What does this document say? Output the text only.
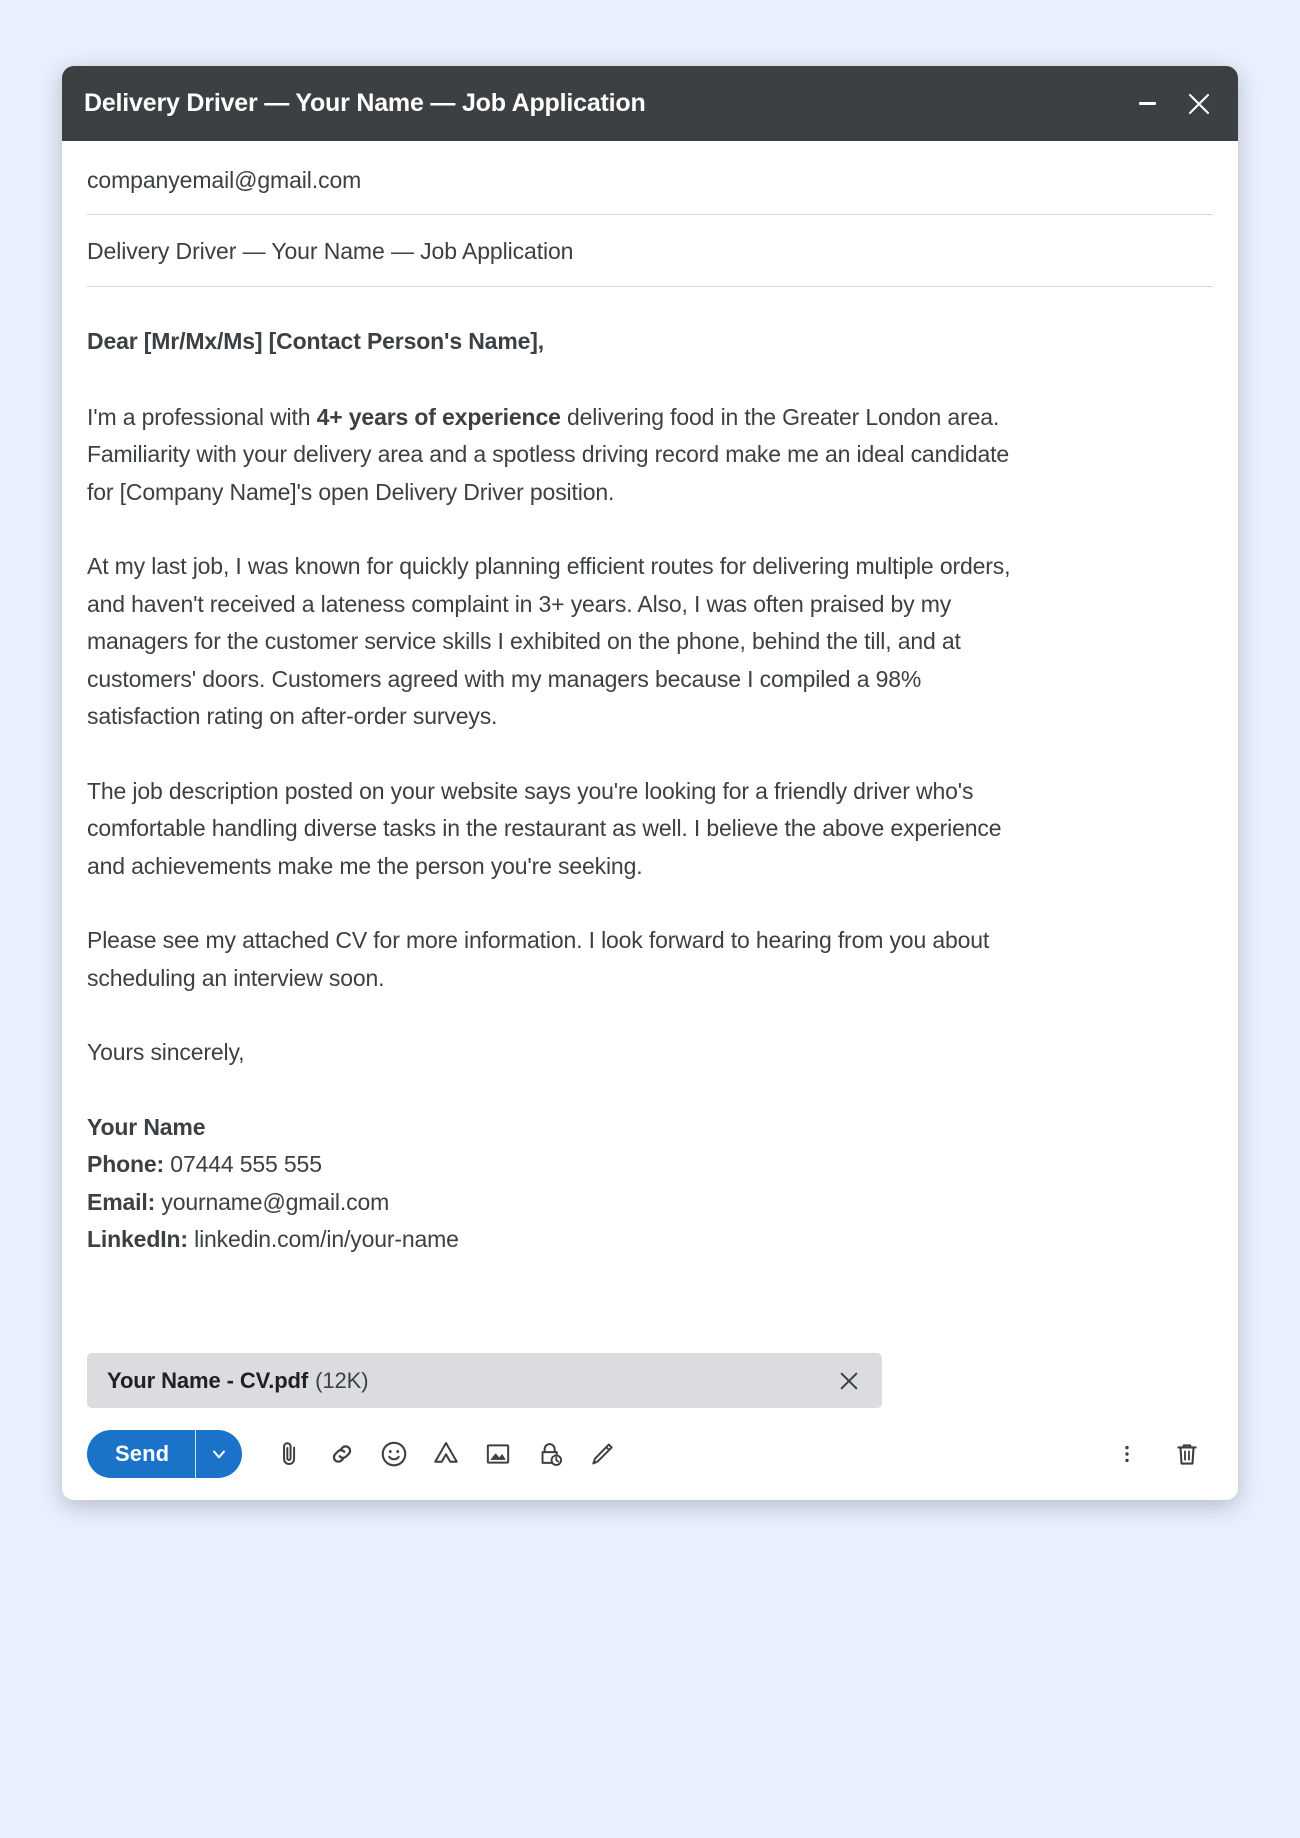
Delivery Driver — Your Name — Job Application
companyemail@gmail.com
Delivery Driver — Your Name — Job Application

Dear [Mr/Mx/Ms] [Contact Person's Name],

I'm a professional with 4+ years of experience delivering food in the Greater London area. Familiarity with your delivery area and a spotless driving record make me an ideal candidate for [Company Name]'s open Delivery Driver position.

At my last job, I was known for quickly planning efficient routes for delivering multiple orders, and haven't received a lateness complaint in 3+ years. Also, I was often praised by my managers for the customer service skills I exhibited on the phone, behind the till, and at customers' doors. Customers agreed with my managers because I compiled a 98% satisfaction rating on after-order surveys.

The job description posted on your website says you're looking for a friendly driver who's comfortable handling diverse tasks in the restaurant as well. I believe the above experience and achievements make me the person you're seeking.

Please see my attached CV for more information. I look forward to hearing from you about scheduling an interview soon.

Yours sincerely,

Your Name
Phone: 07444 555 555
Email: yourname@gmail.com
LinkedIn: linkedin.com/in/your-name
Your Name - CV.pdf (12K)
Send
